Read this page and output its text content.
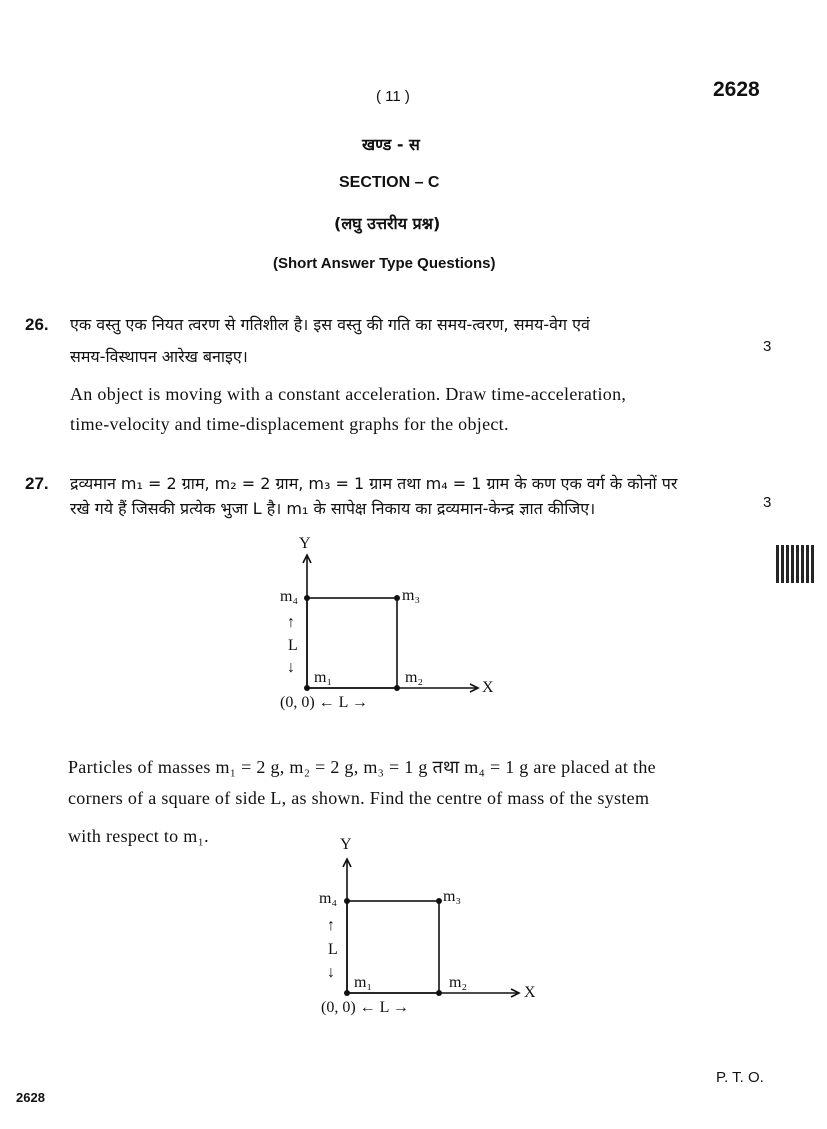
( 11 )	2628
खण्ड - स
SECTION – C
(लघु उत्तरीय प्रश्न)
(Short Answer Type Questions)
26. एक वस्तु एक नियत त्वरण से गतिशील है। इस वस्तु की गति का समय-त्वरण, समय-वेग एवं
समय-विस्थापन आरेख बनाइए।
3
An object is moving with a constant acceleration. Draw time-acceleration,
time-velocity and time-displacement graphs for the object.
27. द्रव्यमान m₁ = 2 ग्राम, m₂ = 2 ग्राम, m₃ = 1 ग्राम तथा m₄ = 1 ग्राम के कण एक वर्ग के कोनों पर
रखे गये हैं जिसकी प्रत्येक भुजा L है। m₁ के सापेक्ष निकाय का द्रव्यमान-केन्द्र ज्ञात कीजिए।	3
Y
m₄	m₃
↑
L
↓
m₁	m₂
X
(0, 0) ← L →
Particles of masses m₁ = 2 g, m₂ = 2 g, m₃ = 1 g तथा m₄ = 1 g are placed at the
corners of a square of side L, as shown. Find the centre of mass of the system
with respect to m₁.	Y
m₄	m₃
↑
L
↓
m₁	m₂
X
(0, 0) ← L →
P. T. O.
2628
